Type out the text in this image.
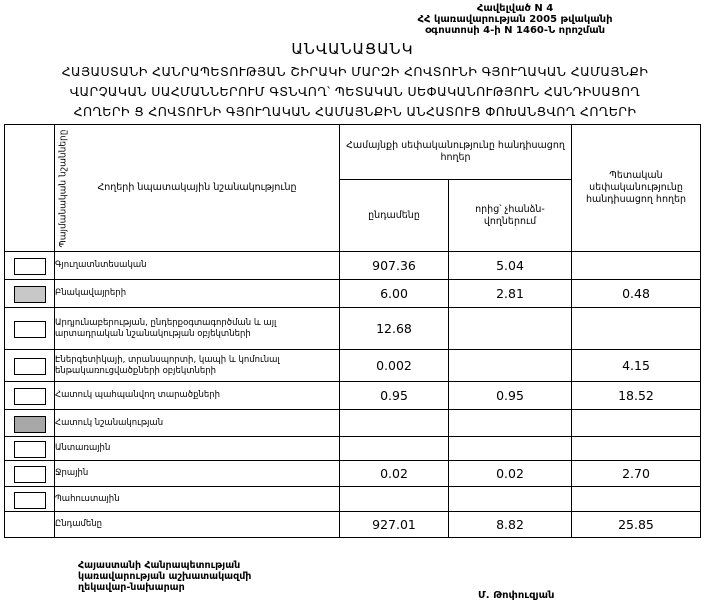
Հավելված N 4
ՀՀ կառավարության 2005 թվականի
օգոստոսի 4-ի N 1460-Ն որոշման
ԱՆՎԱՆԱՑԱՆԿ
ՀԱՅԱՍՏԱՆԻ ՀԱՆՐԱՊԵՏՈՒԹՅԱՆ ՇԻՐԱԿԻ ՄԱՐԶԻ ՀՈՎՏՈՒՆԻ ԳՅՈՒՂԱԿԱՆ ՀԱՄԱՅՆՔԻ
ՎԱՐՉԱԿԱՆ ՍԱՀՄԱՆՆԵՐՈՒՄ ԳՏՆՎՈՂ՝ ՊԵՏԱԿԱՆ ՍԵՓԱԿԱՆՈՒԹՅՈՒՆ ՀԱՆԴԻՍԱՑՈՂ
ՀՈՂԵՐԻ Ց ՀՈՎՏՈՒՆԻ ԳՅՈՒՂԱԿԱՆ ՀԱՄԱՅՆՔԻՆ ԱՆՀԱՏՈՒՑ ՓՈԽԱՆՑՎՈՂ ՀՈՂԵՐԻ
Պայմանական նշանները	Հողերի նպատակային նշանակությունը	Համայնքի սեփականությունը հանդիսացող հողեր		Պետական սեփականությունը հանդիսացող հողեր
		ընդամենը	որից՝ չհանձն-վողներում	
	Գյուղատնտեսական	907.36	5.04	
	Բնակավայրերի	6.00	2.81	0.48
	Արդյունաբերության, ընդերքօգտագործման և այլ արտադրական նշանակության օբյեկտների	12.68		
	Էներգետիկայի, տրանսպորտի, կապի և կոմունալ ենթակառուցվածքների օբյեկտների	0.002		4.15
	Հատուկ պահպանվող տարածքների	0.95	0.95	18.52
	Հատուկ նշանակության			
	Անտառային			
	Ջրային	0.02	0.02	2.70
	Պահուստային			
	Ընդամենը	927.01	8.82	25.85
Հայաստանի Հանրապետության
կառավարության աշխատակազմի
ղեկավար-նախարար
Մ. Թոփուզյան
